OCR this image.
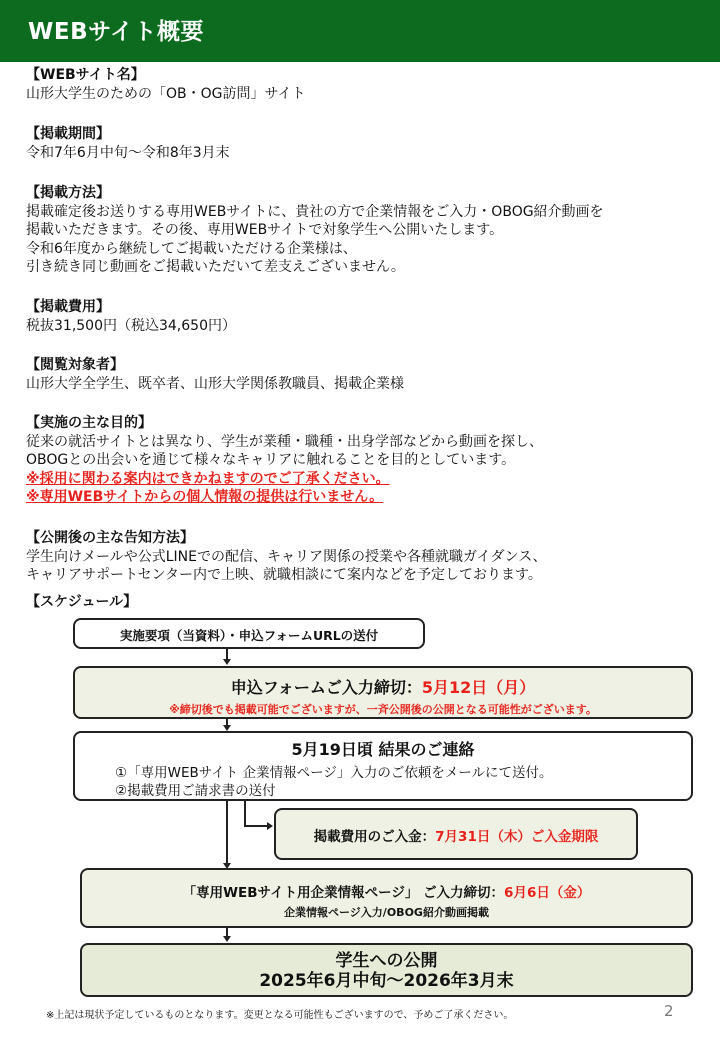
WEBサイト概要
【WEBサイト名】
山形大学生のための「OB・OG訪問」サイト
【掲載期間】
令和7年6月中旬～令和8年3月末
【掲載方法】
掲載確定後お送りする専用WEBサイトに、貴社の方で企業情報をご入力・OBOG紹介動画を
掲載いただきます。その後、専用WEBサイトで対象学生へ公開いたします。
令和6年度から継続してご掲載いただける企業様は、
引き続き同じ動画をご掲載いただいて差支えございません。
【掲載費用】
税抜31,500円（税込34,650円）
【閲覧対象者】
山形大学全学生、既卒者、山形大学関係教職員、掲載企業様
【実施の主な目的】
従来の就活サイトとは異なり、学生が業種・職種・出身学部などから動画を探し、
OBOGとの出会いを通じて様々なキャリアに触れることを目的としています。
※採用に関わる案内はできかねますのでご了承ください。
※専用WEBサイトからの個人情報の提供は行いません。
【公開後の主な告知方法】
学生向けメールや公式LINEでの配信、キャリア関係の授業や各種就職ガイダンス、
キャリアサポートセンター内で上映、就職相談にて案内などを予定しております。
【スケジュール】
実施要項（当資料）・申込フォームURLの送付
申込フォームご入力締切：5月12日（月）
※締切後でも掲載可能でございますが、一斉公開後の公開となる可能性がございます。
5月19日頃 結果のご連絡
①「専用WEBサイト 企業情報ページ」入力のご依頼をメールにて送付。
②掲載費用ご請求書の送付
掲載費用のご入金：7月31日（木）ご入金期限
「専用WEBサイト用企業情報ページ」 ご入力締切：6月6日（金）
企業情報ページ入力/OBOG紹介動画掲載
学生への公開
2025年6月中旬～2026年3月末
※上記は現状予定しているものとなります。変更となる可能性もございますので、予めご了承ください。	2
